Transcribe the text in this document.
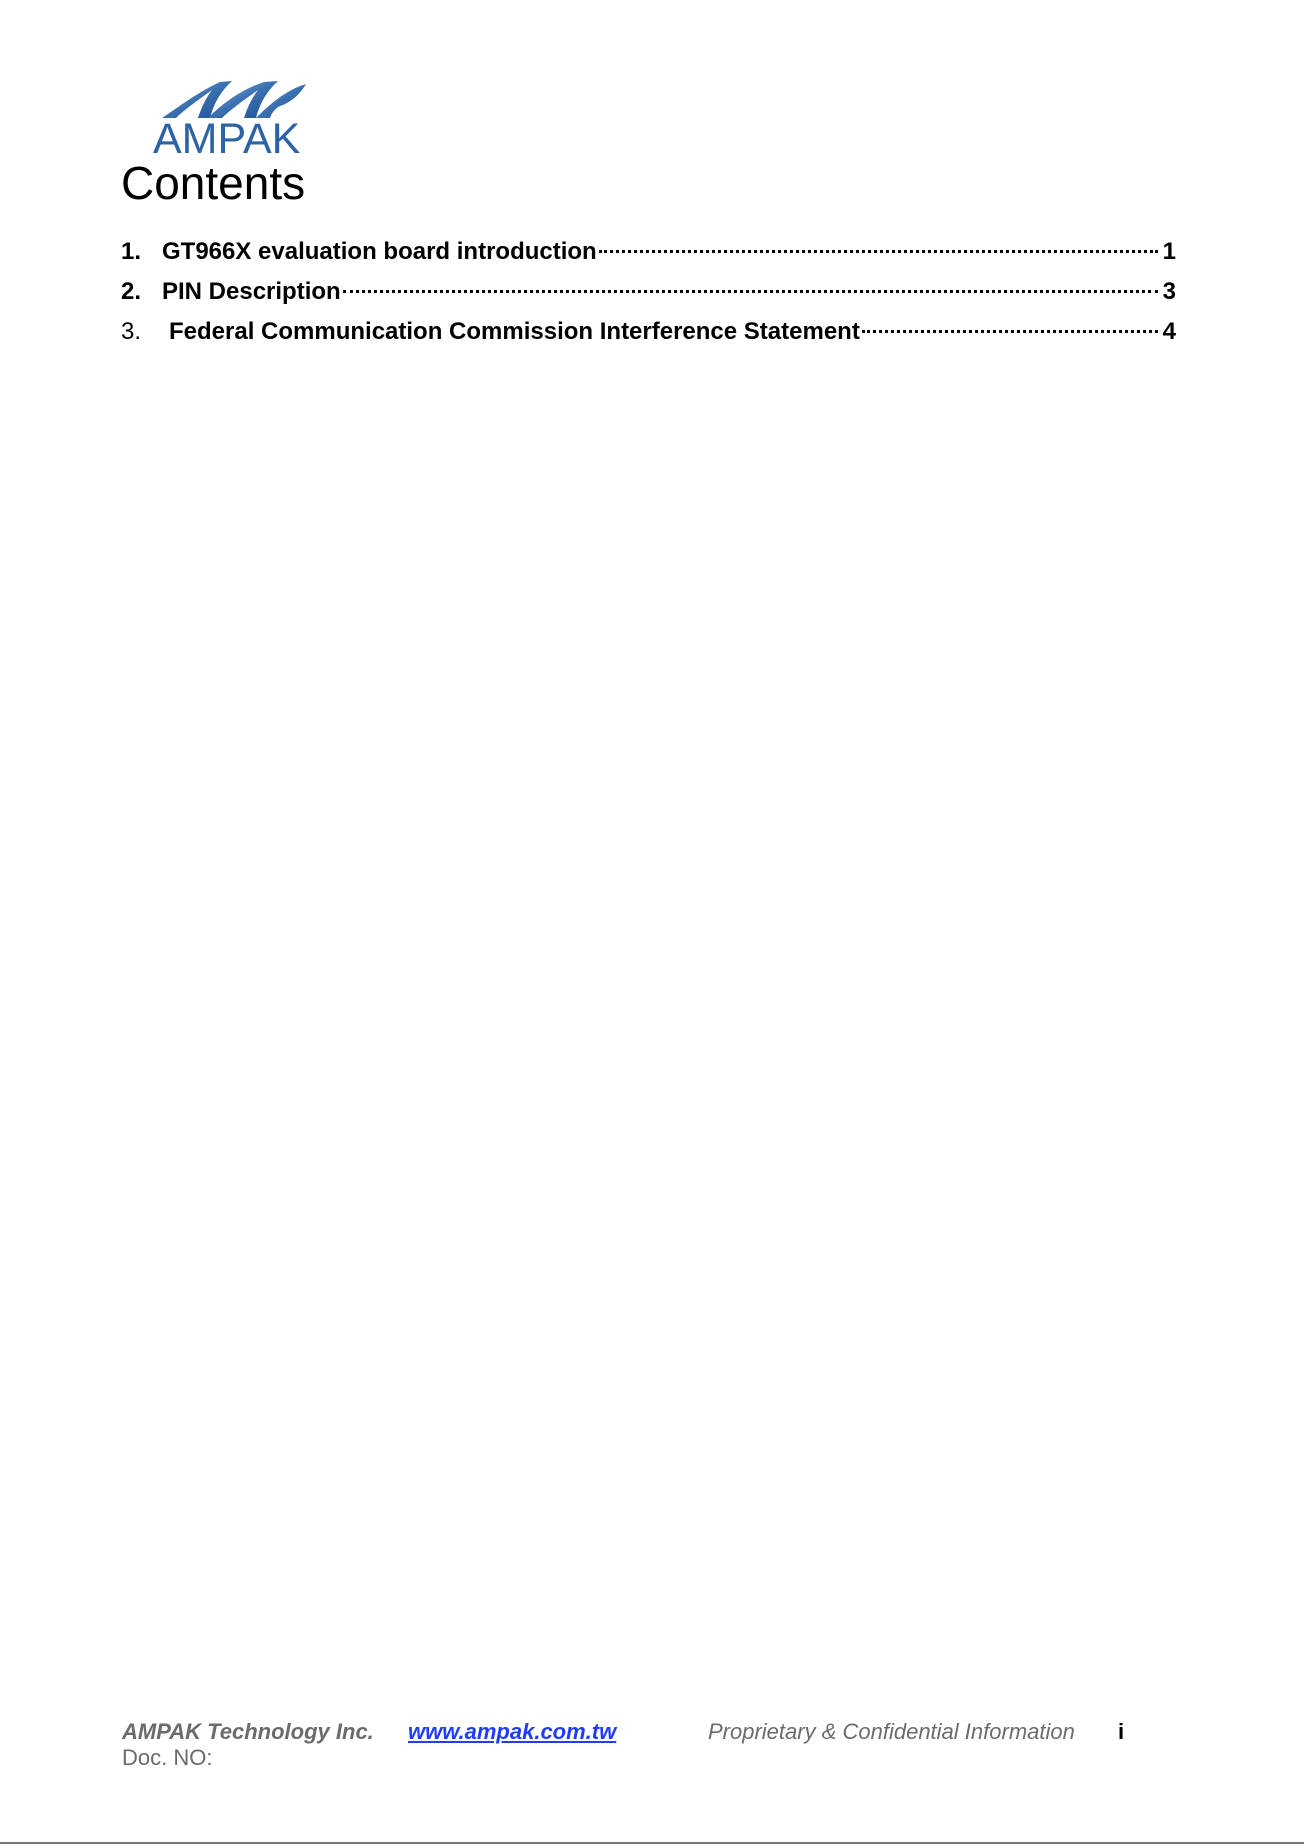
AMPAK
Contents
1. GT966X evaluation board introduction	1
2. PIN Description	3
3.	Federal Communication Commission Interference Statement	4
AMPAK Technology Inc. www.ampak.com.tw	Proprietary & Confidential Information i
Doc. NO:
